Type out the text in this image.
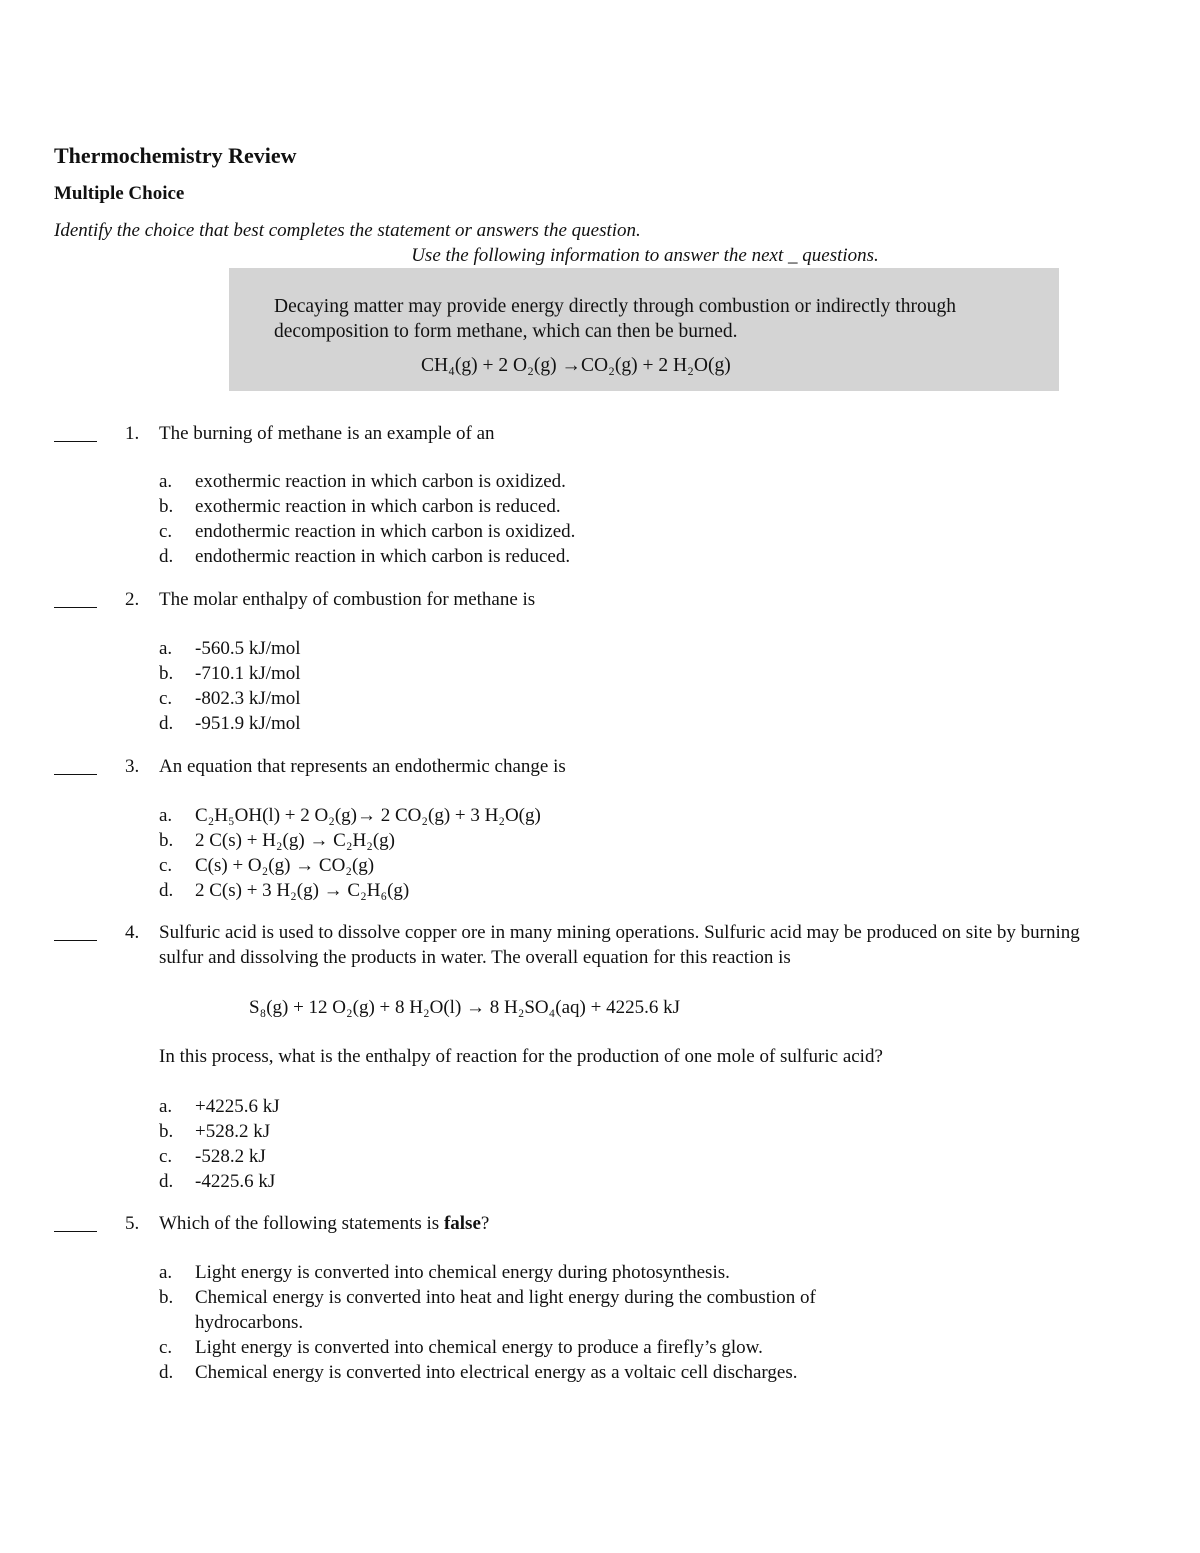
Thermochemistry Review
Multiple Choice
Identify the choice that best completes the statement or answers the question.
Use the following information to answer the next _ questions.
Decaying matter may provide energy directly through combustion or indirectly through decomposition to form methane, which can then be burned.
CH₄(g) + 2 O₂(g) →CO₂(g) + 2 H₂O(g)
1. The burning of methane is an example of an
a. exothermic reaction in which carbon is oxidized.
b. exothermic reaction in which carbon is reduced.
c. endothermic reaction in which carbon is oxidized.
d. endothermic reaction in which carbon is reduced.
2. The molar enthalpy of combustion for methane is
a. -560.5 kJ/mol
b. -710.1 kJ/mol
c. -802.3 kJ/mol
d. -951.9 kJ/mol
3. An equation that represents an endothermic change is
a. C₂H₅OH(l) + 2 O₂(g)→ 2 CO₂(g) + 3 H₂O(g)
b. 2 C(s) + H₂(g) → C₂H₂(g)
c. C(s) + O₂(g) → CO₂(g)
d. 2 C(s) + 3 H₂(g) → C₂H₆(g)
4. Sulfuric acid is used to dissolve copper ore in many mining operations. Sulfuric acid may be produced on site by burning sulfur and dissolving the products in water. The overall equation for this reaction is
S₈(g) + 12 O₂(g) + 8 H₂O(l) → 8 H₂SO₄(aq) + 4225.6 kJ
In this process, what is the enthalpy of reaction for the production of one mole of sulfuric acid?
a. +4225.6 kJ
b. +528.2 kJ
c. -528.2 kJ
d. -4225.6 kJ
5. Which of the following statements is false?
a. Light energy is converted into chemical energy during photosynthesis.
b. Chemical energy is converted into heat and light energy during the combustion of hydrocarbons.
c. Light energy is converted into chemical energy to produce a firefly’s glow.
d. Chemical energy is converted into electrical energy as a voltaic cell discharges.
